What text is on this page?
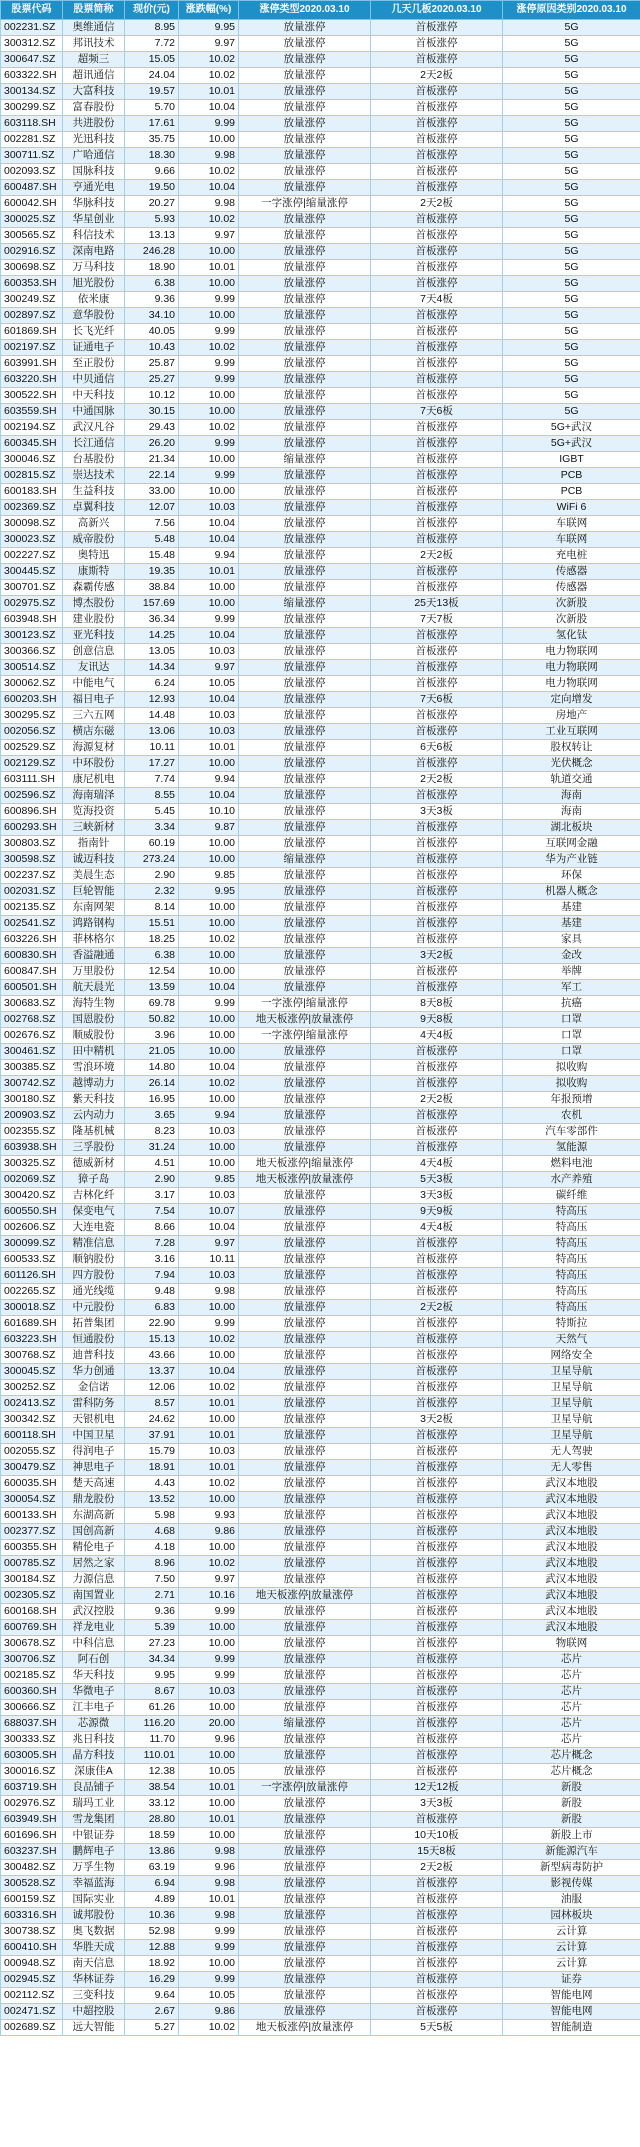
股票代码	股票简称	现价(元)	涨跌幅(%)	涨停类型2020.03.10	几天几板2020.03.10	涨停原因类别2020.03.10
002231.SZ	奥维通信	8.95	9.95	放量涨停	首板涨停	5G
300312.SZ	邦讯技术	7.72	9.97	放量涨停	首板涨停	5G
300647.SZ	超频三	15.05	10.02	放量涨停	首板涨停	5G
603322.SH	超讯通信	24.04	10.02	放量涨停	2天2板	5G
300134.SZ	大富科技	19.57	10.01	放量涨停	首板涨停	5G
300299.SZ	富春股份	5.70	10.04	放量涨停	首板涨停	5G
603118.SH	共进股份	17.61	9.99	放量涨停	首板涨停	5G
002281.SZ	光迅科技	35.75	10.00	放量涨停	首板涨停	5G
300711.SZ	广哈通信	18.30	9.98	放量涨停	首板涨停	5G
002093.SZ	国脉科技	9.66	10.02	放量涨停	首板涨停	5G
600487.SH	亨通光电	19.50	10.04	放量涨停	首板涨停	5G
600042.SH	华脉科技	20.27	9.98	一字涨停|缩量涨停	2天2板	5G
300025.SZ	华星创业	5.93	10.02	放量涨停	首板涨停	5G
300565.SZ	科信技术	13.13	9.97	放量涨停	首板涨停	5G
002916.SZ	深南电路	246.28	10.00	放量涨停	首板涨停	5G
300698.SZ	万马科技	18.90	10.01	放量涨停	首板涨停	5G
600353.SH	旭光股份	6.38	10.00	放量涨停	首板涨停	5G
300249.SZ	依米康	9.36	9.99	放量涨停	7天4板	5G
002897.SZ	意华股份	34.10	10.00	放量涨停	首板涨停	5G
601869.SH	长飞光纤	40.05	9.99	放量涨停	首板涨停	5G
002197.SZ	证通电子	10.43	10.02	放量涨停	首板涨停	5G
603991.SH	至正股份	25.87	9.99	放量涨停	首板涨停	5G
603220.SH	中贝通信	25.27	9.99	放量涨停	首板涨停	5G
300522.SH	中天科技	10.12	10.00	放量涨停	首板涨停	5G
603559.SH	中通国脉	30.15	10.00	放量涨停	7天6板	5G
002194.SZ	武汉凡谷	29.43	10.02	放量涨停	首板涨停	5G+武汉
600345.SH	长江通信	26.20	9.99	放量涨停	首板涨停	5G+武汉
300046.SZ	台基股份	21.34	10.00	缩量涨停	首板涨停	IGBT
002815.SZ	崇达技术	22.14	9.99	放量涨停	首板涨停	PCB
600183.SH	生益科技	33.00	10.00	放量涨停	首板涨停	PCB
002369.SZ	卓翼科技	12.07	10.03	放量涨停	首板涨停	WiFi 6
300098.SZ	高新兴	7.56	10.04	放量涨停	首板涨停	车联网
300023.SZ	威帝股份	5.48	10.04	放量涨停	首板涨停	车联网
002227.SZ	奥特迅	15.48	9.94	放量涨停	2天2板	充电桩
300445.SZ	康斯特	19.35	10.01	放量涨停	首板涨停	传感器
300701.SZ	森霸传感	38.84	10.00	放量涨停	首板涨停	传感器
002975.SZ	博杰股份	157.69	10.00	缩量涨停	25天13板	次新股
603948.SH	建业股份	36.34	9.99	放量涨停	7天7板	次新股
300123.SZ	亚光科技	14.25	10.04	放量涨停	首板涨停	氢化钛
300366.SZ	创意信息	13.05	10.03	放量涨停	首板涨停	电力物联网
300514.SZ	友讯达	14.34	9.97	放量涨停	首板涨停	电力物联网
300062.SZ	中能电气	6.24	10.05	放量涨停	首板涨停	电力物联网
600203.SH	福日电子	12.93	10.04	放量涨停	7天6板	定向增发
300295.SZ	三六五网	14.48	10.03	放量涨停	首板涨停	房地产
002056.SZ	横店东磁	13.06	10.03	放量涨停	首板涨停	工业互联网
002529.SZ	海源复材	10.11	10.01	放量涨停	6天6板	股权转让
002129.SZ	中环股份	17.27	10.00	放量涨停	首板涨停	光伏概念
603111.SH	康尼机电	7.74	9.94	放量涨停	2天2板	轨道交通
002596.SZ	海南瑞泽	8.55	10.04	放量涨停	首板涨停	海南
600896.SH	览海投资	5.45	10.10	放量涨停	3天3板	海南
600293.SH	三峡新材	3.34	9.87	放量涨停	首板涨停	湖北板块
300803.SZ	指南针	60.19	10.00	放量涨停	首板涨停	互联网金融
300598.SZ	诚迈科技	273.24	10.00	缩量涨停	首板涨停	华为产业链
002237.SZ	美晨生态	2.90	9.85	放量涨停	首板涨停	环保
002031.SZ	巨轮智能	2.32	9.95	放量涨停	首板涨停	机器人概念
002135.SZ	东南网架	8.14	10.00	放量涨停	首板涨停	基建
002541.SZ	鸿路钢构	15.51	10.00	放量涨停	首板涨停	基建
603226.SH	菲林格尔	18.25	10.02	放量涨停	首板涨停	家具
600830.SH	香溢融通	6.38	10.00	放量涨停	3天2板	金改
600847.SH	万里股份	12.54	10.00	放量涨停	首板涨停	举牌
600501.SH	航天晨光	13.59	10.04	放量涨停	首板涨停	军工
300683.SZ	海特生物	69.78	9.99	一字涨停|缩量涨停	8天8板	抗癌
002768.SZ	国恩股份	50.82	10.00	地天板涨停|放量涨停	9天8板	口罩
002676.SZ	顺威股份	3.96	10.00	一字涨停|缩量涨停	4天4板	口罩
300461.SZ	田中精机	21.05	10.00	放量涨停	首板涨停	口罩
300385.SZ	雪浪环境	14.80	10.04	放量涨停	首板涨停	拟收购
300742.SZ	越博动力	26.14	10.02	放量涨停	首板涨停	拟收购
300180.SZ	紫天科技	16.95	10.00	放量涨停	2天2板	年报预增
200903.SZ	云内动力	3.65	9.94	放量涨停	首板涨停	农机
002355.SZ	隆基机械	8.23	10.03	放量涨停	首板涨停	汽车零部件
603938.SH	三孚股份	31.24	10.00	放量涨停	首板涨停	氢能源
300325.SZ	德威新材	4.51	10.00	地天板涨停|缩量涨停	4天4板	燃料电池
002069.SZ	獐子岛	2.90	9.85	地天板涨停|放量涨停	5天3板	水产养殖
300420.SZ	吉林化纤	3.17	10.03	放量涨停	3天3板	碳纤维
600550.SH	保变电气	7.54	10.07	放量涨停	9天9板	特高压
002606.SZ	大连电瓷	8.66	10.04	放量涨停	4天4板	特高压
300099.SZ	精准信息	7.28	9.97	放量涨停	首板涨停	特高压
600533.SZ	顺钠股份	3.16	10.11	放量涨停	首板涨停	特高压
601126.SH	四方股份	7.94	10.03	放量涨停	首板涨停	特高压
002265.SZ	通光线缆	9.48	9.98	放量涨停	首板涨停	特高压
300018.SZ	中元股份	6.83	10.00	放量涨停	2天2板	特高压
601689.SH	拓普集团	22.90	9.99	放量涨停	首板涨停	特斯拉
603223.SH	恒通股份	15.13	10.02	放量涨停	首板涨停	天然气
300768.SZ	迪普科技	43.66	10.00	放量涨停	首板涨停	网络安全
300045.SZ	华力创通	13.37	10.04	放量涨停	首板涨停	卫星导航
300252.SZ	金信诺	12.06	10.02	放量涨停	首板涨停	卫星导航
002413.SZ	雷科防务	8.57	10.01	放量涨停	首板涨停	卫星导航
300342.SZ	天银机电	24.62	10.00	放量涨停	3天2板	卫星导航
600118.SH	中国卫星	37.91	10.01	放量涨停	首板涨停	卫星导航
002055.SZ	得润电子	15.79	10.03	放量涨停	首板涨停	无人驾驶
300479.SZ	神思电子	18.91	10.01	放量涨停	首板涨停	无人零售
600035.SH	楚天高速	4.43	10.02	放量涨停	首板涨停	武汉本地股
300054.SZ	鼎龙股份	13.52	10.00	放量涨停	首板涨停	武汉本地股
600133.SH	东湖高新	5.98	9.93	放量涨停	首板涨停	武汉本地股
002377.SZ	国创高新	4.68	9.86	放量涨停	首板涨停	武汉本地股
600355.SH	精伦电子	4.18	10.00	放量涨停	首板涨停	武汉本地股
000785.SZ	居然之家	8.96	10.02	放量涨停	首板涨停	武汉本地股
300184.SZ	力源信息	7.50	9.97	放量涨停	首板涨停	武汉本地股
002305.SZ	南国置业	2.71	10.16	地天板涨停|放量涨停	首板涨停	武汉本地股
600168.SH	武汉控股	9.36	9.99	放量涨停	首板涨停	武汉本地股
600769.SH	祥龙电业	5.39	10.00	放量涨停	首板涨停	武汉本地股
300678.SZ	中科信息	27.23	10.00	放量涨停	首板涨停	物联网
300706.SZ	阿石创	34.34	9.99	放量涨停	首板涨停	芯片
002185.SZ	华天科技	9.95	9.99	放量涨停	首板涨停	芯片
600360.SH	华微电子	8.67	10.03	放量涨停	首板涨停	芯片
300666.SZ	江丰电子	61.26	10.00	放量涨停	首板涨停	芯片
688037.SH	芯源微	116.20	20.00	缩量涨停	首板涨停	芯片
300333.SZ	兆日科技	11.70	9.96	放量涨停	首板涨停	芯片
603005.SH	晶方科技	110.01	10.00	放量涨停	首板涨停	芯片概念
300016.SZ	深康佳A	12.38	10.05	放量涨停	首板涨停	芯片概念
603719.SH	良品铺子	38.54	10.01	一字涨停|放量涨停	12天12板	新股
002976.SZ	瑞玛工业	33.12	10.00	放量涨停	3天3板	新股
603949.SH	雪龙集团	28.80	10.01	放量涨停	首板涨停	新股
601696.SH	中银证券	18.59	10.00	放量涨停	10天10板	新股上市
603237.SH	鹏辉电子	13.86	9.98	放量涨停	15天8板	新能源汽车
300482.SZ	万孚生物	63.19	9.96	放量涨停	2天2板	新型病毒防护
300528.SZ	幸福蓝海	6.94	9.98	放量涨停	首板涨停	影视传媒
600159.SZ	国际实业	4.89	10.01	放量涨停	首板涨停	油服
603316.SH	诚邦股份	10.36	9.98	放量涨停	首板涨停	园林板块
300738.SZ	奥飞数据	52.98	9.99	放量涨停	首板涨停	云计算
600410.SH	华胜天成	12.88	9.99	放量涨停	首板涨停	云计算
000948.SZ	南天信息	18.92	10.00	放量涨停	首板涨停	云计算
002945.SZ	华林证券	16.29	9.99	放量涨停	首板涨停	证券
002112.SZ	三变科技	9.64	10.05	放量涨停	首板涨停	智能电网
002471.SZ	中超控股	2.67	9.86	放量涨停	首板涨停	智能电网
002689.SZ	远大智能	5.27	10.02	地天板涨停|放量涨停	5天5板	智能制造
